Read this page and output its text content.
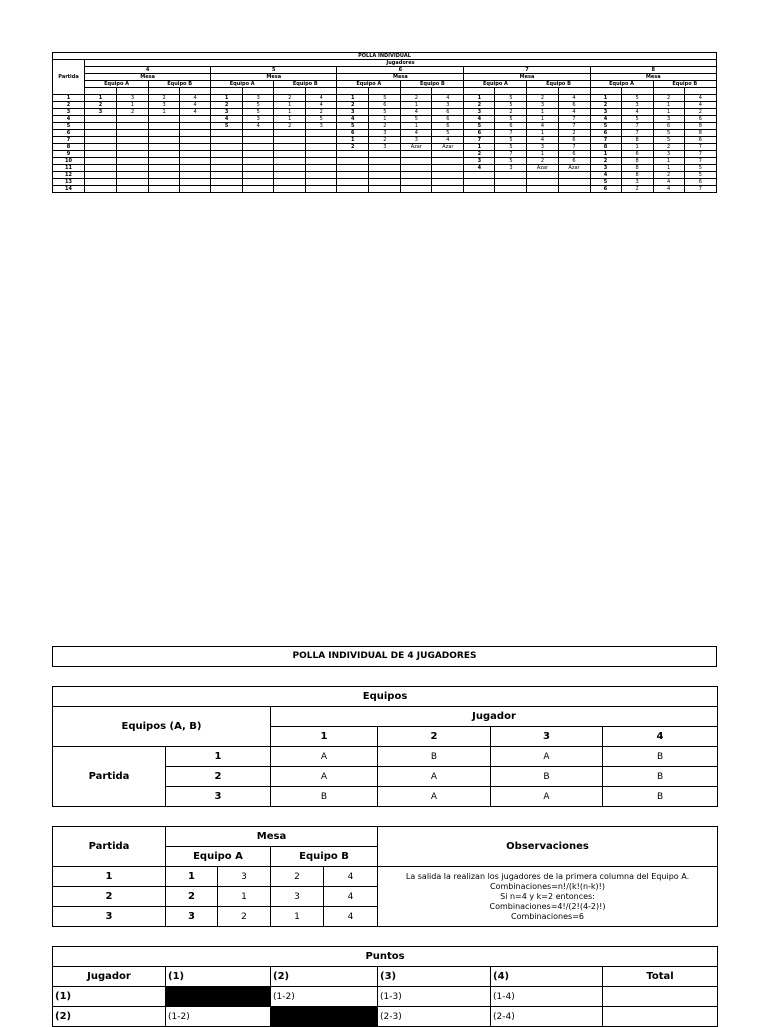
POLLA INDIVIDUAL																				
Partida	Jugadores																			
	4				5				6				7				8			
	Mesa				Mesa				Mesa				Mesa				Mesa			
	Equipo A		Equipo B		Equipo A		Equipo B		Equipo A		Equipo B		Equipo A		Equipo B		Equipo A		Equipo B	

1	1	3	2	4	1	3	2	4	1	5	2	4	1	5	2	4	1	5	2	4
2	2	1	3	4	2	5	1	4	2	6	1	3	2	5	3	6	2	3	1	4
3	3	2	1	4	3	5	1	2	3	5	4	6	3	2	1	4	3	4	1	2
4					4	3	1	5	4	1	5	6	4	5	1	7	4	5	3	6
5					5	4	2	3	5	2	1	6	5	6	4	7	5	7	6	8
6									6	3	4	5	6	7	1	2	6	7	5	8
7									1	2	3	4	7	5	4	6	7	8	5	6
8									2	3	Azar	Azar	1	5	3	7	8	1	2	7
9													2	7	1	6	1	6	3	7
10													3	5	2	6	2	8	1	7
11													4	3	Azar	Azar	3	8	1	5
12																	4	8	2	5
13																	5	3	4	6
14																	6	2	4	7
POLLA INDIVIDUAL DE 4 JUGADORES
Equipos					
Equipos (A, B)		Jugador			
		1	2	3	4
Partida	1	A	B	A	B
	2	A	A	B	B
	3	B	A	A	B
Partida	Mesa				Observaciones
	Equipo A		Equipo B		
1	1	3	2	4	La salida la realizan los jugadores de la primera columna del Equipo A.
Combinaciones=n!/(k!(n-k)!)
Si n=4 y k=2 entonces:
Combinaciones=4!/(2!(4-2)!)
Combinaciones=6

2	2	1	3	4	
3	3	2	1	4	
Puntos					
Jugador	(1)	(2)	(3)	(4)	Total
(1)		(1-2)	(1-3)	(1-4)	
(2)	(1-2)		(2-3)	(2-4)	
